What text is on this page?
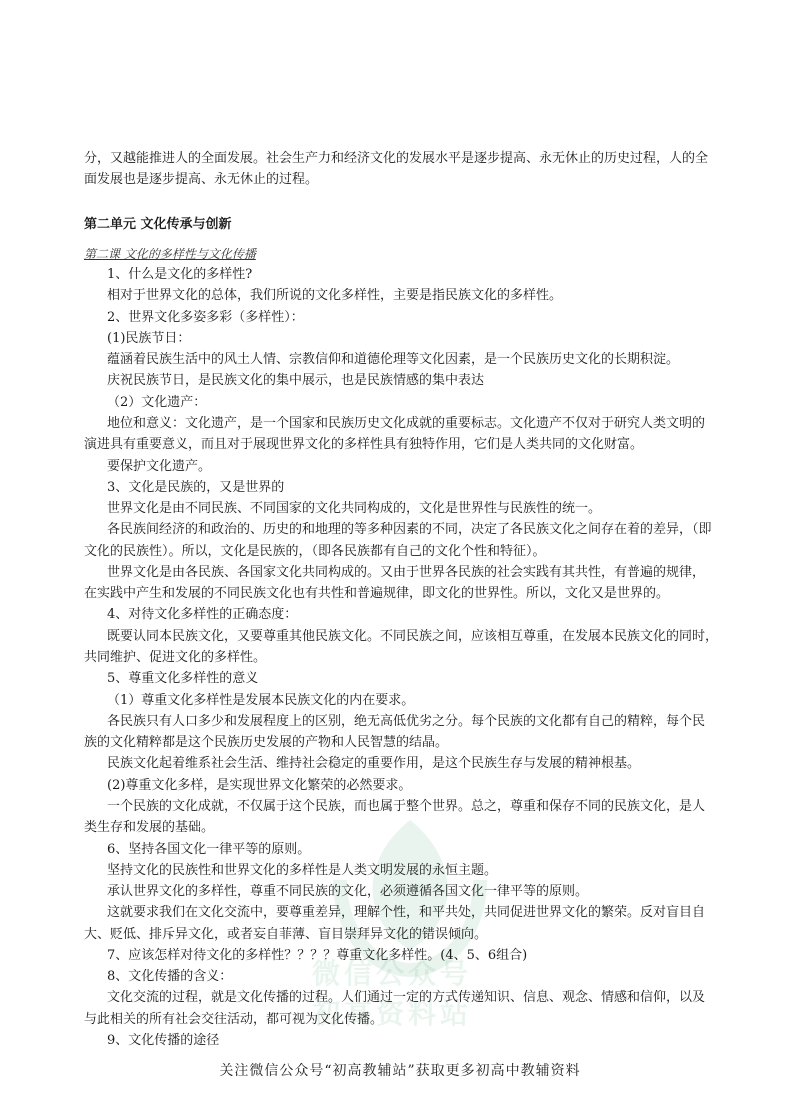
微信公众号
初高资料站
分，又越能推进人的全面发展。社会生产力和经济文化的发展水平是逐步提高、永无休止的历史过程，人的全
面发展也是逐步提高、永无休止的过程。
第二单元 文化传承与创新
第二课 文化的多样性与文化传播
1、什么是文化的多样性?
相对于世界文化的总体，我们所说的文化多样性，主要是指民族文化的多样性。
2、世界文化多姿多彩（多样性）：
(1)民族节日：
蕴涵着民族生活中的风土人情、宗教信仰和道德伦理等文化因素，是一个民族历史文化的长期积淀。
庆祝民族节日，是民族文化的集中展示，也是民族情感的集中表达
（2）文化遗产：
地位和意义：文化遗产，是一个国家和民族历史文化成就的重要标志。文化遗产不仅对于研究人类文明的
演进具有重要意义，而且对于展现世界文化的多样性具有独特作用，它们是人类共同的文化财富。
要保护文化遗产。
3、文化是民族的，又是世界的
世界文化是由不同民族、不同国家的文化共同构成的，文化是世界性与民族性的统一。
各民族间经济的和政治的、历史的和地理的等多种因素的不同，决定了各民族文化之间存在着的差异，（即
文化的民族性）。所以，文化是民族的，（即各民族都有自己的文化个性和特征）。
世界文化是由各民族、各国家文化共同构成的。又由于世界各民族的社会实践有其共性，有普遍的规律，
在实践中产生和发展的不同民族文化也有共性和普遍规律，即文化的世界性。所以，文化又是世界的。
4、对待文化多样性的正确态度：
既要认同本民族文化，又要尊重其他民族文化。不同民族之间，应该相互尊重，在发展本民族文化的同时，
共同维护、促进文化的多样性。
5、尊重文化多样性的意义
（1）尊重文化多样性是发展本民族文化的内在要求。
各民族只有人口多少和发展程度上的区别，绝无高低优劣之分。每个民族的文化都有自己的精粹，每个民
族的文化精粹都是这个民族历史发展的产物和人民智慧的结晶。
民族文化起着维系社会生活、维持社会稳定的重要作用，是这个民族生存与发展的精神根基。
(2)尊重文化多样，是实现世界文化繁荣的必然要求。
一个民族的文化成就，不仅属于这个民族，而也属于整个世界。总之，尊重和保存不同的民族文化，是人
类生存和发展的基础。
6、坚持各国文化一律平等的原则。
坚持文化的民族性和世界文化的多样性是人类文明发展的永恒主题。
承认世界文化的多样性，尊重不同民族的文化，必须遵循各国文化一律平等的原则。
这就要求我们在文化交流中，要尊重差异，理解个性，和平共处，共同促进世界文化的繁荣。反对盲目自
大、贬低、排斥异文化，或者妄自菲薄、盲目崇拜异文化的错误倾向。
7、应该怎样对待文化的多样性？？？？尊重文化多样性。(4、5、6组合)
8、文化传播的含义：
文化交流的过程，就是文化传播的过程。人们通过一定的方式传递知识、信息、观念、情感和信仰，以及
与此相关的所有社会交往活动，都可视为文化传播。
9、文化传播的途径
关注微信公众号“初高教辅站”获取更多初高中教辅资料
